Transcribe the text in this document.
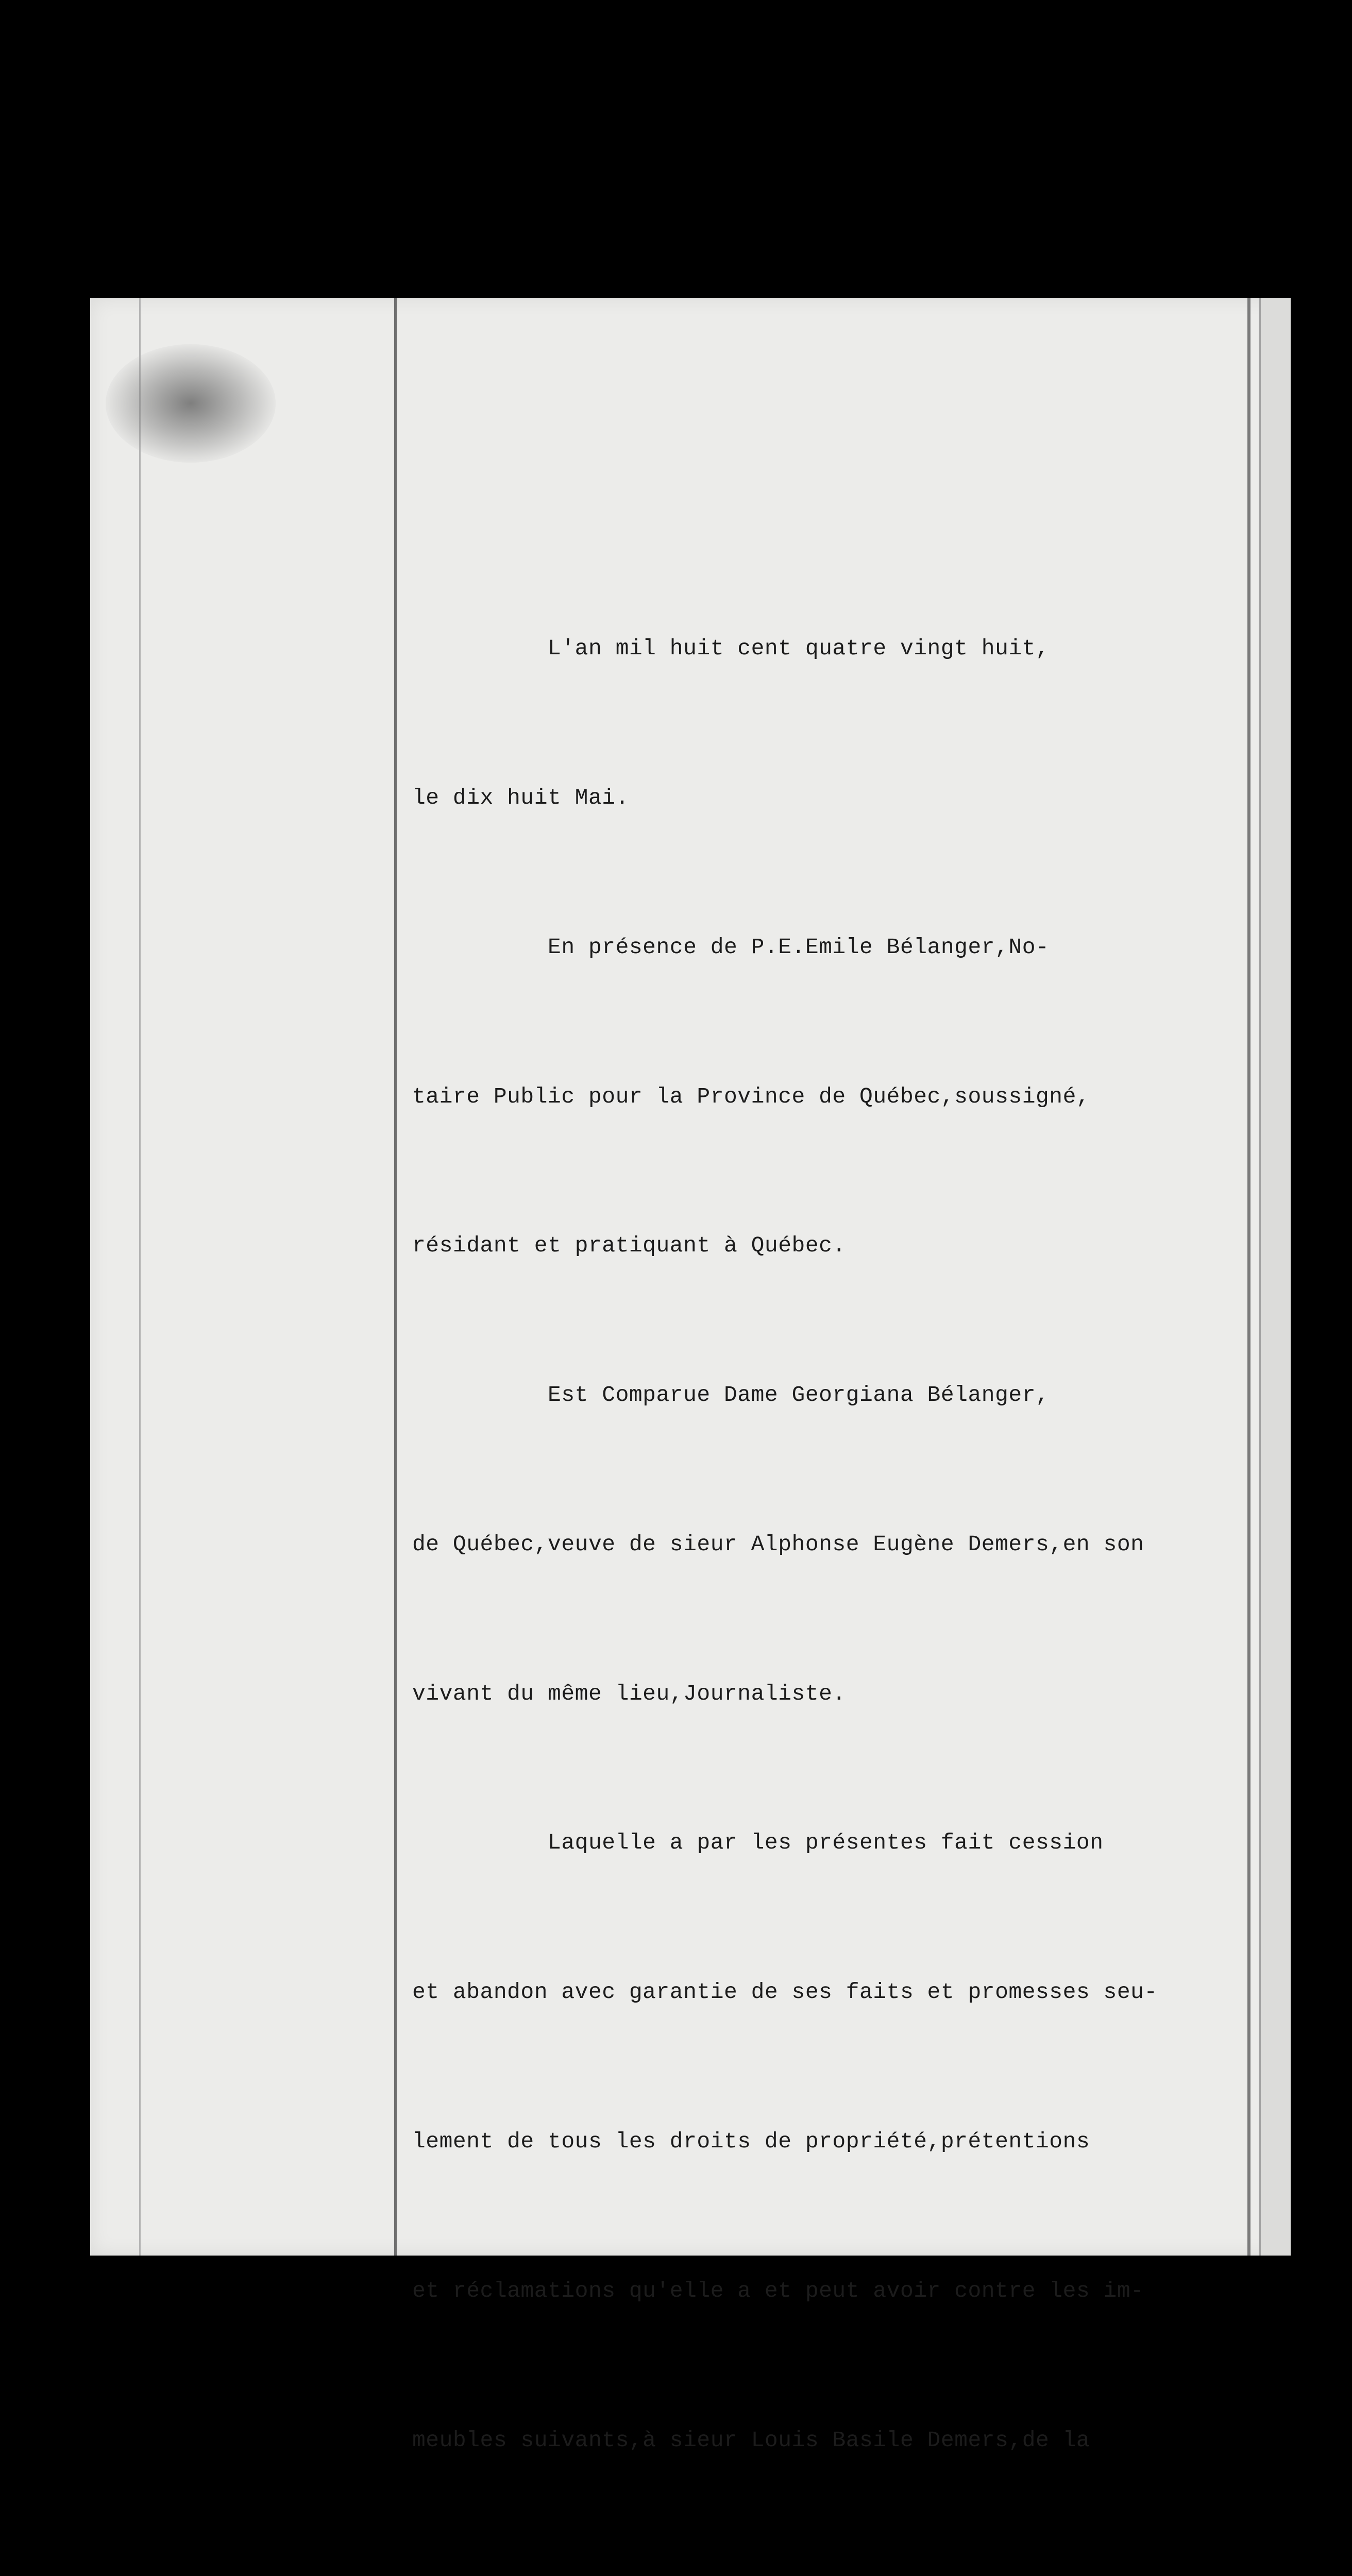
L'an mil huit cent quatre vingt huit,

le dix huit Mai.

En présence de P.E.Emile Bélanger,No-

taire Public pour la Province de Québec,soussigné,

résidant et pratiquant à Québec.

Est Comparue Dame Georgiana Bélanger,

de Québec,veuve de sieur Alphonse Eugène Demers,en son

vivant du même lieu,Journaliste.

Laquelle a par les présentes fait cession

et abandon avec garantie de ses faits et promesses seu-

lement de tous les droits de propriété,prétentions

et réclamations qu'elle a et peut avoir contre les im-

meubles suivants,à sieur Louis Basile Demers,de la
